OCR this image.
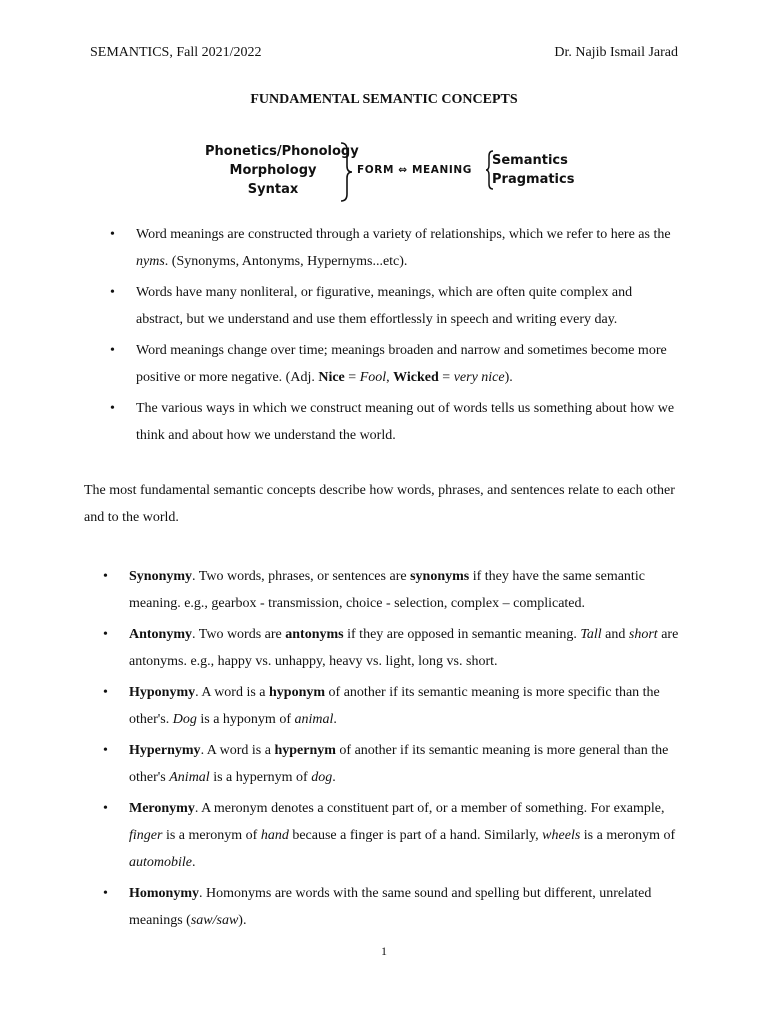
SEMANTICS, Fall 2021/2022	Dr. Najib Ismail Jarad
FUNDAMENTAL SEMANTIC CONCEPTS
Phonetics/Phonology
Morphology
Syntax
FORM ⇔ MEANING
Semantics
Pragmatics
• Word meanings are constructed through a variety of relationships, which we refer to here as the nyms. (Synonyms, Antonyms, Hypernyms...etc).
• Words have many nonliteral, or figurative, meanings, which are often quite complex and abstract, but we understand and use them effortlessly in speech and writing every day.
• Word meanings change over time; meanings broaden and narrow and sometimes become more positive or more negative. (Adj. Nice = Fool, Wicked = very nice).
• The various ways in which we construct meaning out of words tells us something about how we think and about how we understand the world.
The most fundamental semantic concepts describe how words, phrases, and sentences relate to each other and to the world.
• Synonymy. Two words, phrases, or sentences are synonyms if they have the same semantic meaning. e.g., gearbox - transmission, choice - selection, complex – complicated.
• Antonymy. Two words are antonyms if they are opposed in semantic meaning. Tall and short are antonyms. e.g., happy vs. unhappy, heavy vs. light, long vs. short.
• Hyponymy. A word is a hyponym of another if its semantic meaning is more specific than the other's. Dog is a hyponym of animal.
• Hypernymy. A word is a hypernym of another if its semantic meaning is more general than the other's Animal is a hypernym of dog.
• Meronymy. A meronym denotes a constituent part of, or a member of something. For example, finger is a meronym of hand because a finger is part of a hand. Similarly, wheels is a meronym of automobile.
• Homonymy. Homonyms are words with the same sound and spelling but different, unrelated meanings (saw/saw).
1
